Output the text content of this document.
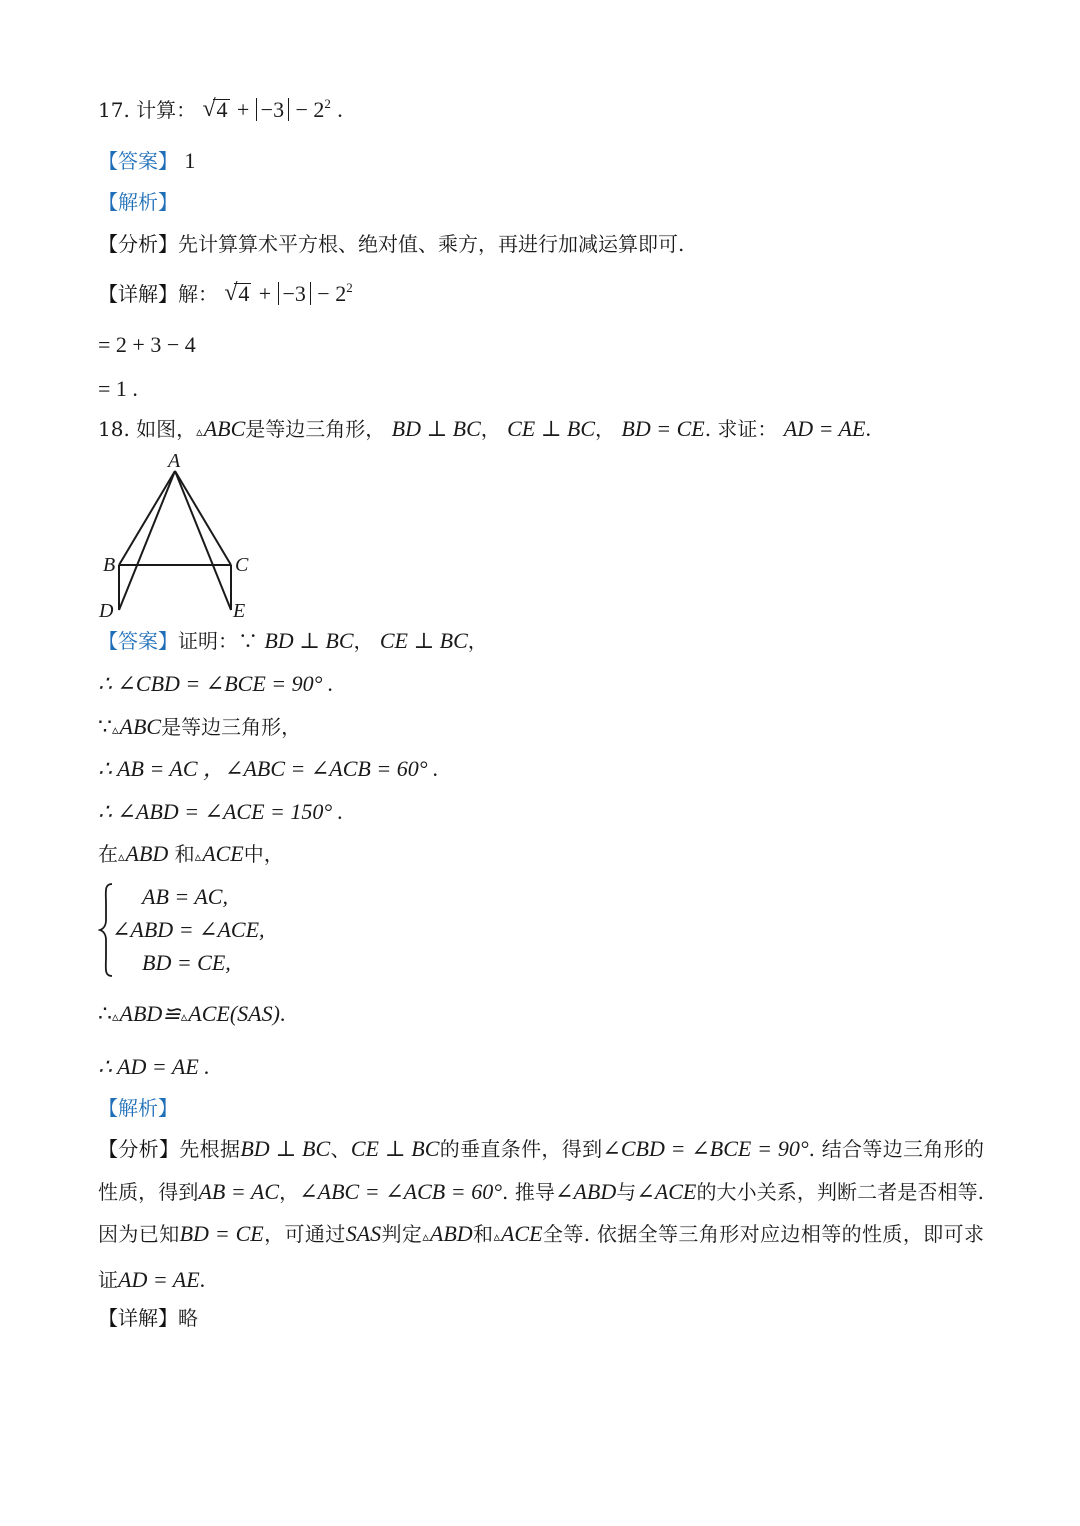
17. 计算： √ $4 + -3 - 2^2$ .
【答案】 1
【解析】
【分析】先计算算术平方根、绝对值、乘方，再进行加减运算即可.
【详解】解： √ $4 + -3 - 2^2$
= 2 + 3 − 4
= 1 .
18. 如图，▵ABC是等边三角形， BD ⊥ BC， CE ⊥ BC， BD = CE. 求证： AD = AE.
A
B	C
D	E
【答案】证明：∵ BD ⊥ BC， CE ⊥ BC，
∴ ∠CBD = ∠BCE = 90° .
∵▵ABC是等边三角形，
∴ AB = AC ，∠ABC = ∠ACB = 60° .
∴ ∠ABD = ∠ACE = 150° .
在▵ABD 和▵ACE中，
AB = AC,
∠ABD = ∠ACE,
BD = CE,
∴▵ABD≌▵ACE(SAS).
∴ AD = AE .
【解析】
【分析】先根据BD ⊥ BC、CE ⊥ BC的垂直条件，得到∠CBD = ∠BCE = 90°. 结合等边三角形的性质，得到AB = AC，∠ABC = ∠ACB = 60°. 推导∠ABD与∠ACE的大小关系，判断二者是否相等. 因为已知BD = CE，可通过SAS判定▵ABD和▵ACE全等. 依据全等三角形对应边相等的性质，即可求证AD = AE.
【详解】略
